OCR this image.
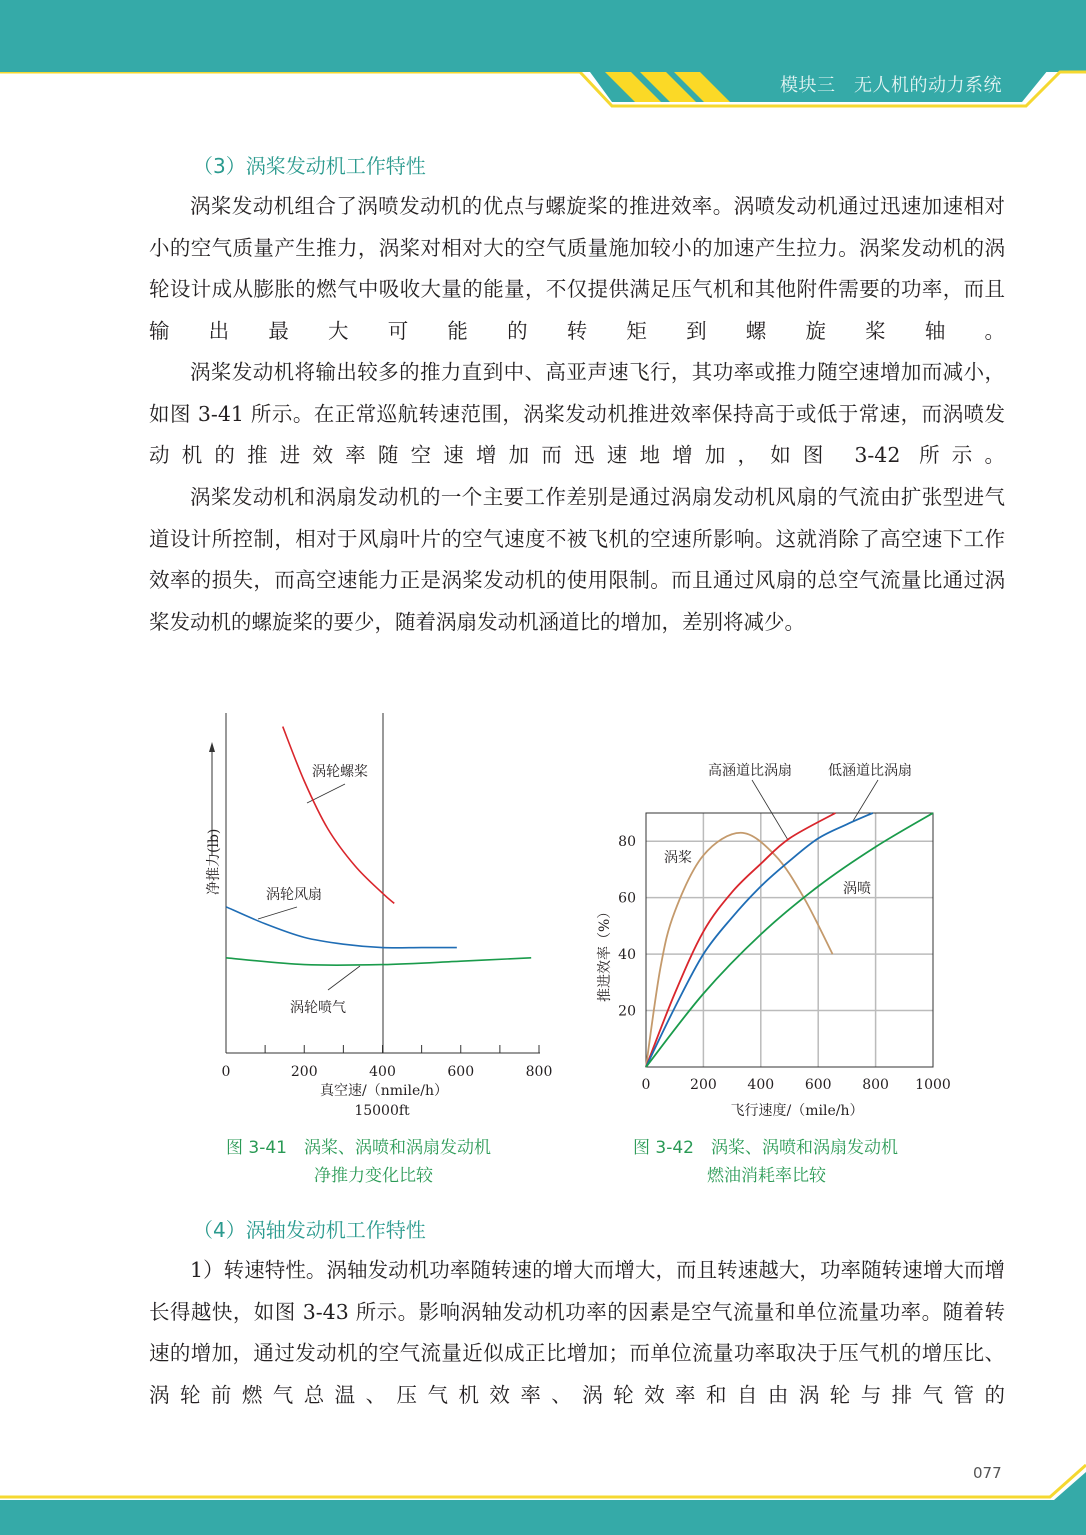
模块三　 无人机的动力系统
（3）涡桨发动机工作特性
涡桨发动机组合了涡喷发动机的优点与螺旋桨的推进效率。涡喷发动机通过迅速加速相对小的空气质量产生推力，涡桨对相对大的空气质量施加较小的加速产生拉力。涡桨发动机的涡轮设计成从膨胀的燃气中吸收大量的能量，不仅提供满足压气机和其他附件需要的功率，而且输出最大可能的转矩到螺旋桨轴。
涡桨发动机将输出较多的推力直到中、高亚声速飞行，其功率或推力随空速增加而减小，如图 3-41 所示。在正常巡航转速范围，涡桨发动机推进效率保持高于或低于常速，而涡喷发动机的推进效率随空速增加而迅速地增加，如图 3-42 所示。
涡桨发动机和涡扇发动机的一个主要工作差别是通过涡扇发动机风扇的气流由扩张型进气道设计所控制，相对于风扇叶片的空气速度不被飞机的空速所影响。这就消除了高空速下工作效率的损失，而高空速能力正是涡桨发动机的使用限制。而且通过风扇的总空气流量比通过涡桨发动机的螺旋桨的要少，随着涡扇发动机涵道比的增加，差别将减少。
净推力(lb)
真空速/（nmile/h）
15000ft
0	200	400	600	800
涡轮螺桨
涡轮风扇
涡轮喷气	20
40
60
80
0	200 400 600 800 1000
推进效率（%）
飞行速度/（mile/h）
高涵道比涡扇	低涵道比涡扇
涡桨
涡喷
图 3-41　 涡桨、涡喷和涡扇发动机
净推力变化比较
图 3-42　 涡桨、涡喷和涡扇发动机
燃油消耗率比较
（4）涡轴发动机工作特性
1）转速特性。涡轴发动机功率随转速的增大而增大，而且转速越大，功率随转速增大而增长得越快，如图 3-43 所示。影响涡轴发动机功率的因素是空气流量和单位流量功率。随着转速的增加，通过发动机的空气流量近似成正比增加；而单位流量功率取决于压气机的增压比、涡轮前燃气总温、压气机效率、涡轮效率和自由涡轮与排气管的
077
